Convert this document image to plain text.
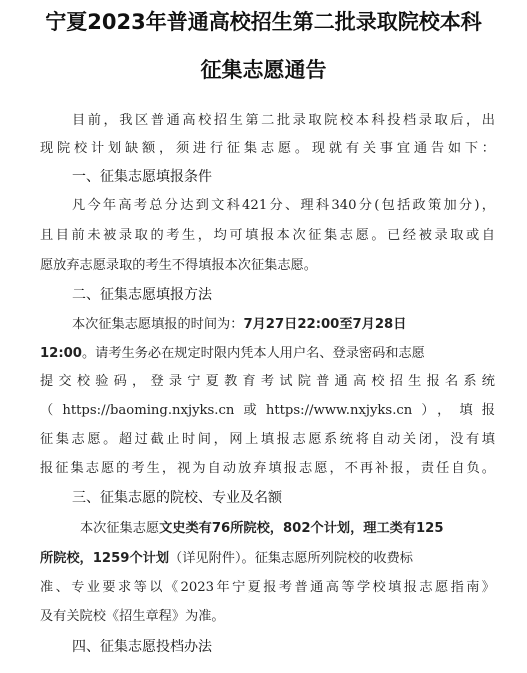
宁夏2023年普通高校招生第二批录取院校本科
征集志愿通告
目前，我区普通高校招生第二批录取院校本科投档录取后，出
现院校计划缺额，须进行征集志愿。现就有关事宜通告如下：
一、征集志愿填报条件
凡今年高考总分达到文科421分、理科340分(包括政策加分)，
且目前未被录取的考生，均可填报本次征集志愿。已经被录取或自
愿放弃志愿录取的考生不得填报本次征集志愿。
二、征集志愿填报方法
本次征集志愿填报的时间为：7月27日22:00至7月28日
12:00。请考生务必在规定时限内凭本人用户名、登录密码和志愿
提交校验码，登录宁夏教育考试院普通高校招生报名系统
（https://baoming.nxjyks.cn或https://www.nxjyks.cn），填报
征集志愿。超过截止时间，网上填报志愿系统将自动关闭，没有填
报征集志愿的考生，视为自动放弃填报志愿，不再补报，责任自负。
三、征集志愿的院校、专业及名额
本次征集志愿文史类有76所院校，802个计划，理工类有125
所院校，1259个计划（详见附件）。征集志愿所列院校的收费标
准、专业要求等以《2023年宁夏报考普通高等学校填报志愿指南》
及有关院校《招生章程》为准。
四、征集志愿投档办法
